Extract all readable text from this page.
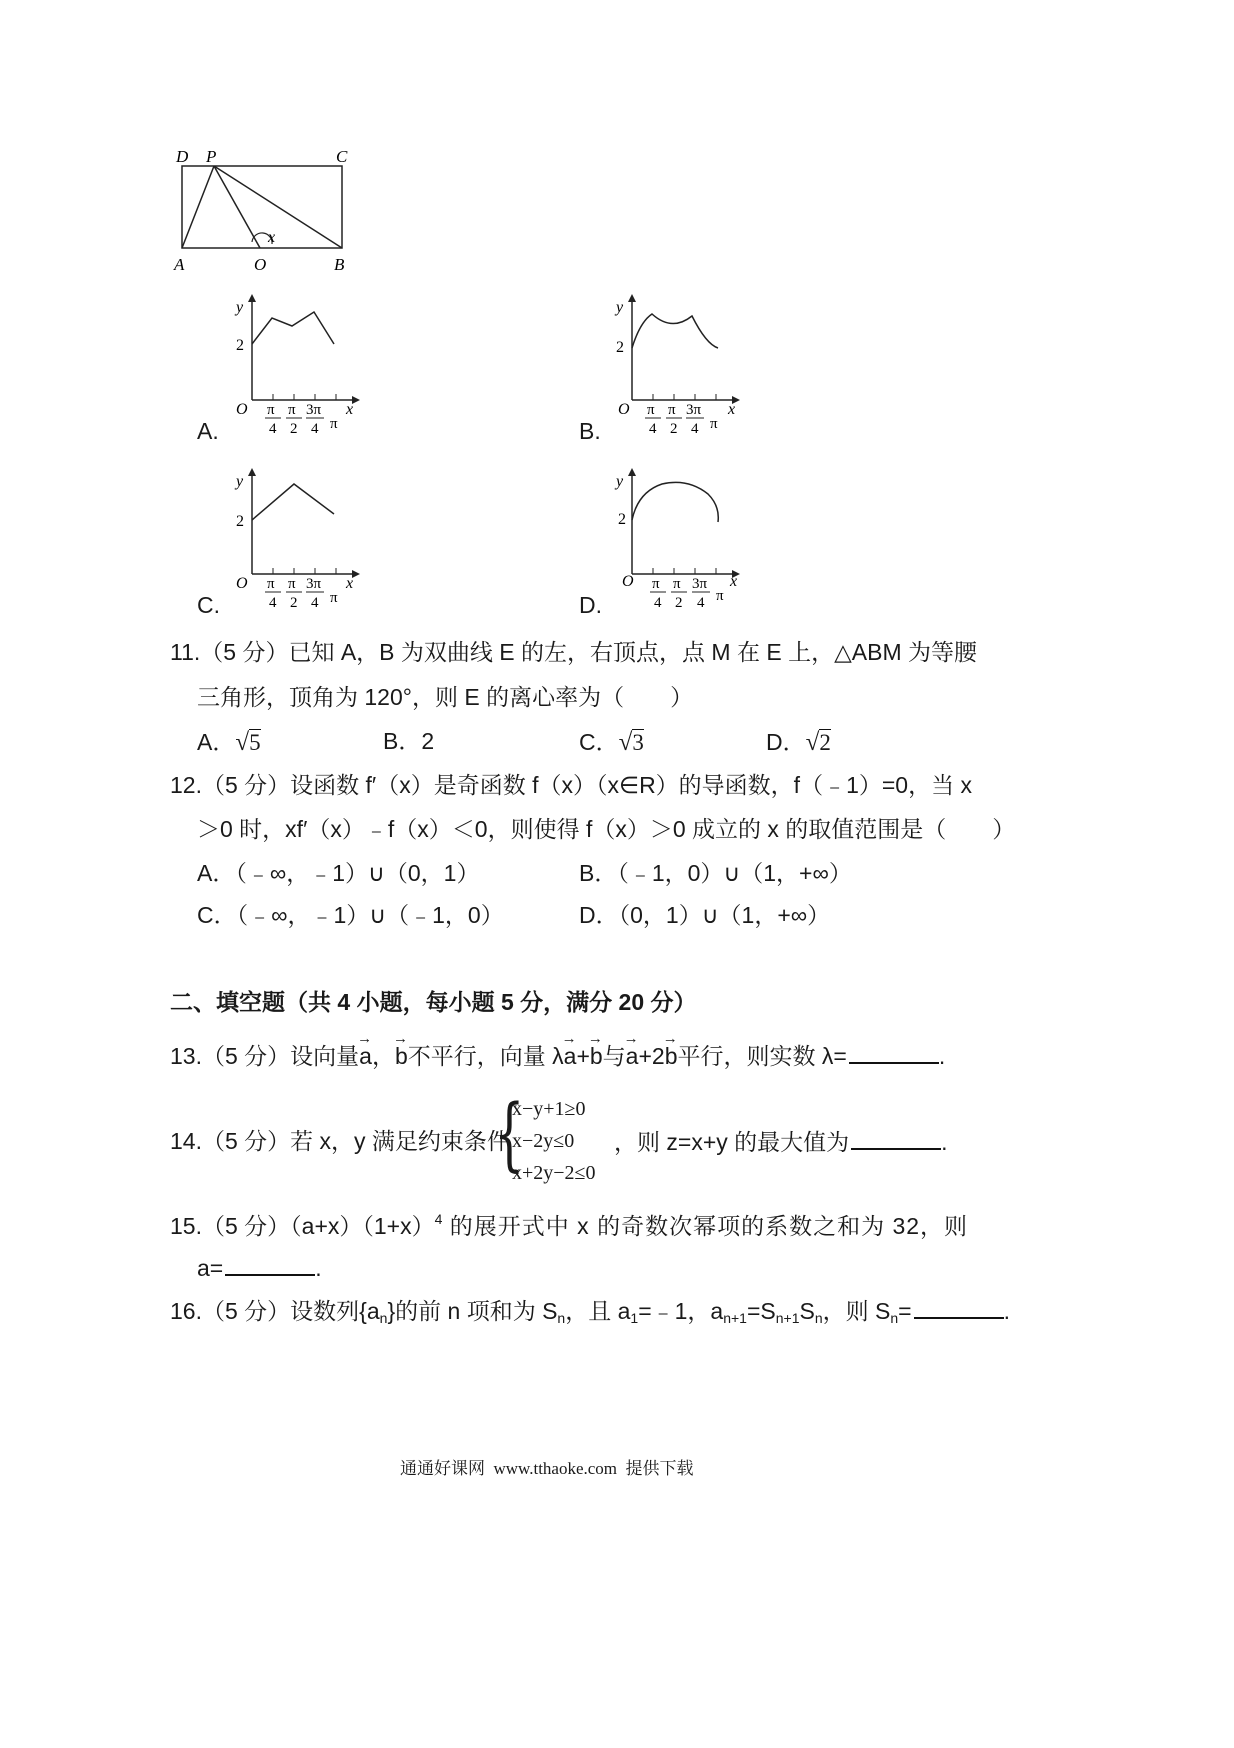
D P	C
A	O	B
x
y
2
O	x
π
4
π
2
3π
4 π
A.
y
2
O	x
π
4
π
2
3π
4 π
B.
y
2
O	x
π
4
π
2
3π
4 π
C.
y
2
O	x
π
4
π
2
3π
4 π
D.
11.（5 分）已知 A，B 为双曲线 E 的左，右顶点，点 M 在 E 上，△ABM 为等腰
三角形，顶角为 120°，则 E 的离心率为（　　）
A．√5	B．2	C．√3	D．√2
12.（5 分）设函数 f′（x）是奇函数 f（x）（x∈R）的导函数，f（﹣1）=0，当 x
＞0 时，xf′（x）﹣f（x）＜0，则使得 f（x）＞0 成立的 x 的取值范围是（　　）
A．（﹣∞，﹣1）∪（0，1）	B．（﹣1，0）∪（1，+∞）
C．（﹣∞，﹣1）∪（﹣1，0）	D．（0，1）∪（1，+∞）
二、填空题（共 4 小题，每小题 5 分，满分 20 分）
13.（5 分）设向量→ a，→ b不平行，向量 λ→ a+→ b与→ a+2→ b平行，则实数 λ=	.
14.（5 分）若 x，y 满足约束条件
{
x−y+1≥0
x−2y≤0
x+2y−2≤0
，则 z=x+y 的最大值为	.
15.（5 分）$(a+x)(1+x)^4$ 的展开式中 x 的奇数次幂项的系数之和为 32，则
a=	.
16.（5 分）设数列$\{a_n\}$的前 n 项和为 $S_n$，且 $a_1=﹣1$，$a_{n+1}=S_{n+1}S_n$，则 $S_n=$	.
通通好课网  www.tthaoke.com  提供下载
